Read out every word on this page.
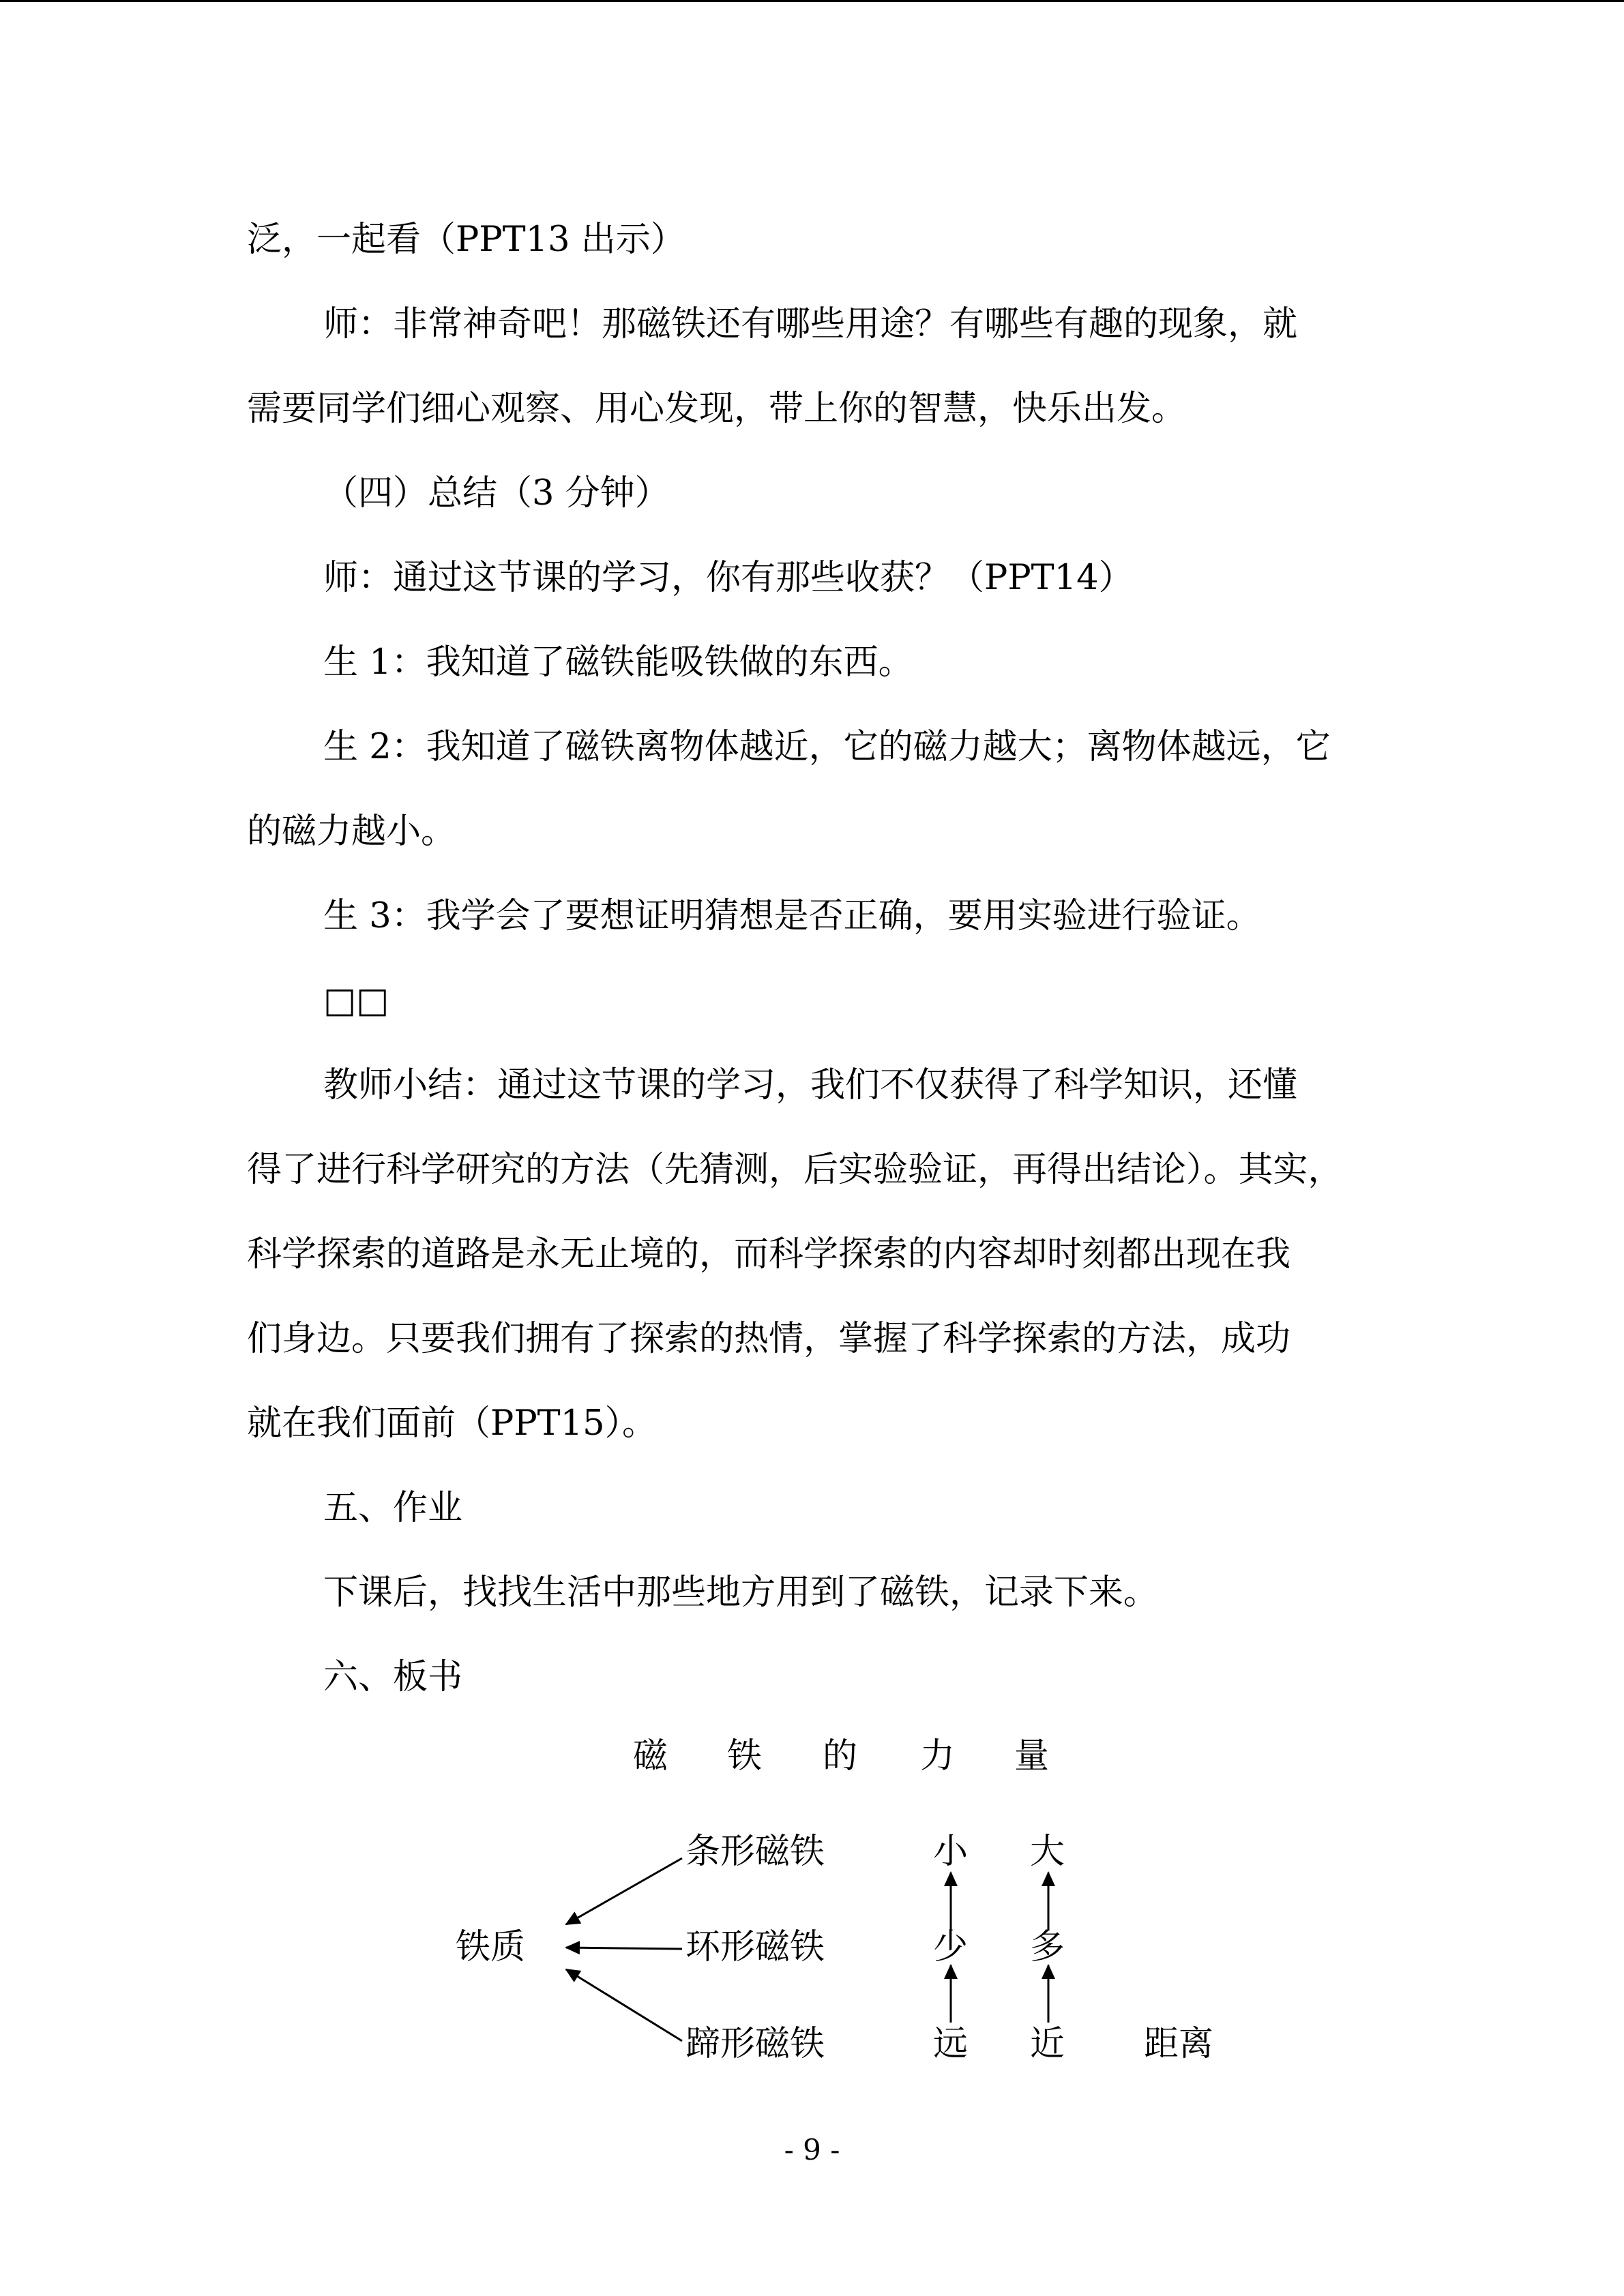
泛，一起看（PPT13 出示）
师：非常神奇吧！那磁铁还有哪些用途？有哪些有趣的现象，就
需要同学们细心观察、用心发现，带上你的智慧，快乐出发。
（四）总结（3 分钟）
师：通过这节课的学习，你有那些收获？（PPT14）
生 1：我知道了磁铁能吸铁做的东西。
生 2：我知道了磁铁离物体越近，它的磁力越大；离物体越远，它
的磁力越小。
生 3：我学会了要想证明猜想是否正确，要用实验进行验证。
□□
教师小结：通过这节课的学习，我们不仅获得了科学知识，还懂
得了进行科学研究的方法（先猜测，后实验验证，再得出结论）。其实，
科学探索的道路是永无止境的，而科学探索的内容却时刻都出现在我
们身边。只要我们拥有了探索的热情，掌握了科学探索的方法，成功
就在我们面前（PPT15）。
五、作业
下课后，找找生活中那些地方用到了磁铁，记录下来。
六、板书
磁 铁 的 力 量
铁质
条形磁铁
环形磁铁
蹄形磁铁
小
少
远
大
多
近 距离
- 9 -
